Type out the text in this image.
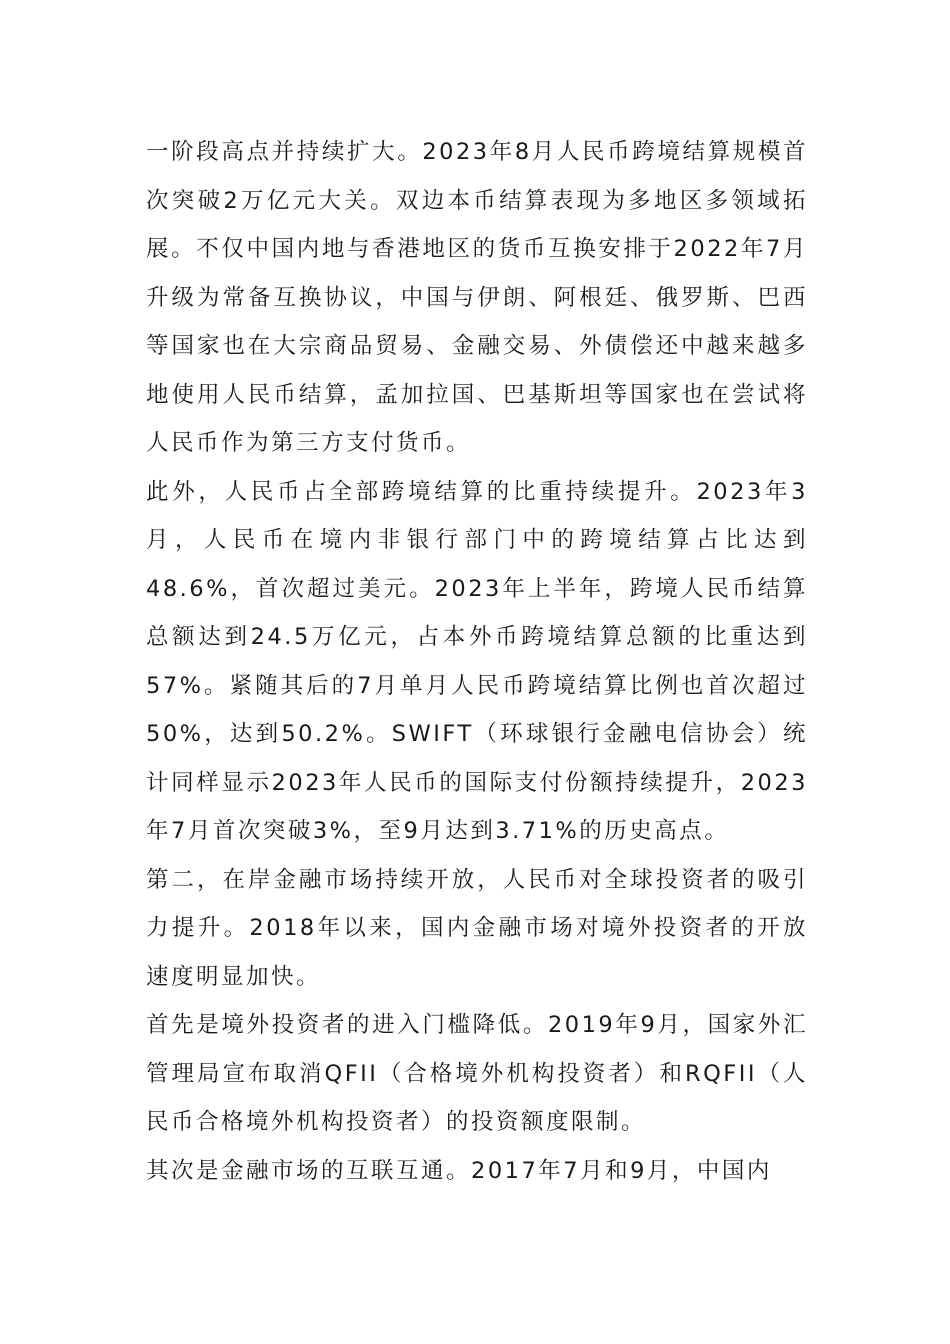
一阶段高点并持续扩大。2023年8月人民币跨境结算规模首次突破2万亿元大关。双边本币结算表现为多地区多领域拓展。不仅中国内地与香港地区的货币互换安排于2022年7月升级为常备互换协议，中国与伊朗、阿根廷、俄罗斯、巴西等国家也在大宗商品贸易、金融交易、外债偿还中越来越多地使用人民币结算，孟加拉国、巴基斯坦等国家也在尝试将人民币作为第三方支付货币。

此外，人民币占全部跨境结算的比重持续提升。2023年3月，人民币在境内非银行部门中的跨境结算占比达到48.6%，首次超过美元。2023年上半年，跨境人民币结算总额达到24.5万亿元，占本外币跨境结算总额的比重达到57%。紧随其后的7月单月人民币跨境结算比例也首次超过50%，达到50.2%。SWIFT（环球银行金融电信协会）统计同样显示2023年人民币的国际支付份额持续提升，2023年7月首次突破3%，至9月达到3.71%的历史高点。

第二，在岸金融市场持续开放，人民币对全球投资者的吸引力提升。2018年以来，国内金融市场对境外投资者的开放速度明显加快。

首先是境外投资者的进入门槛降低。2019年9月，国家外汇管理局宣布取消QFII（合格境外机构投资者）和RQFII（人民币合格境外机构投资者）的投资额度限制。

其次是金融市场的互联互通。2017年7月和9月，中国内
